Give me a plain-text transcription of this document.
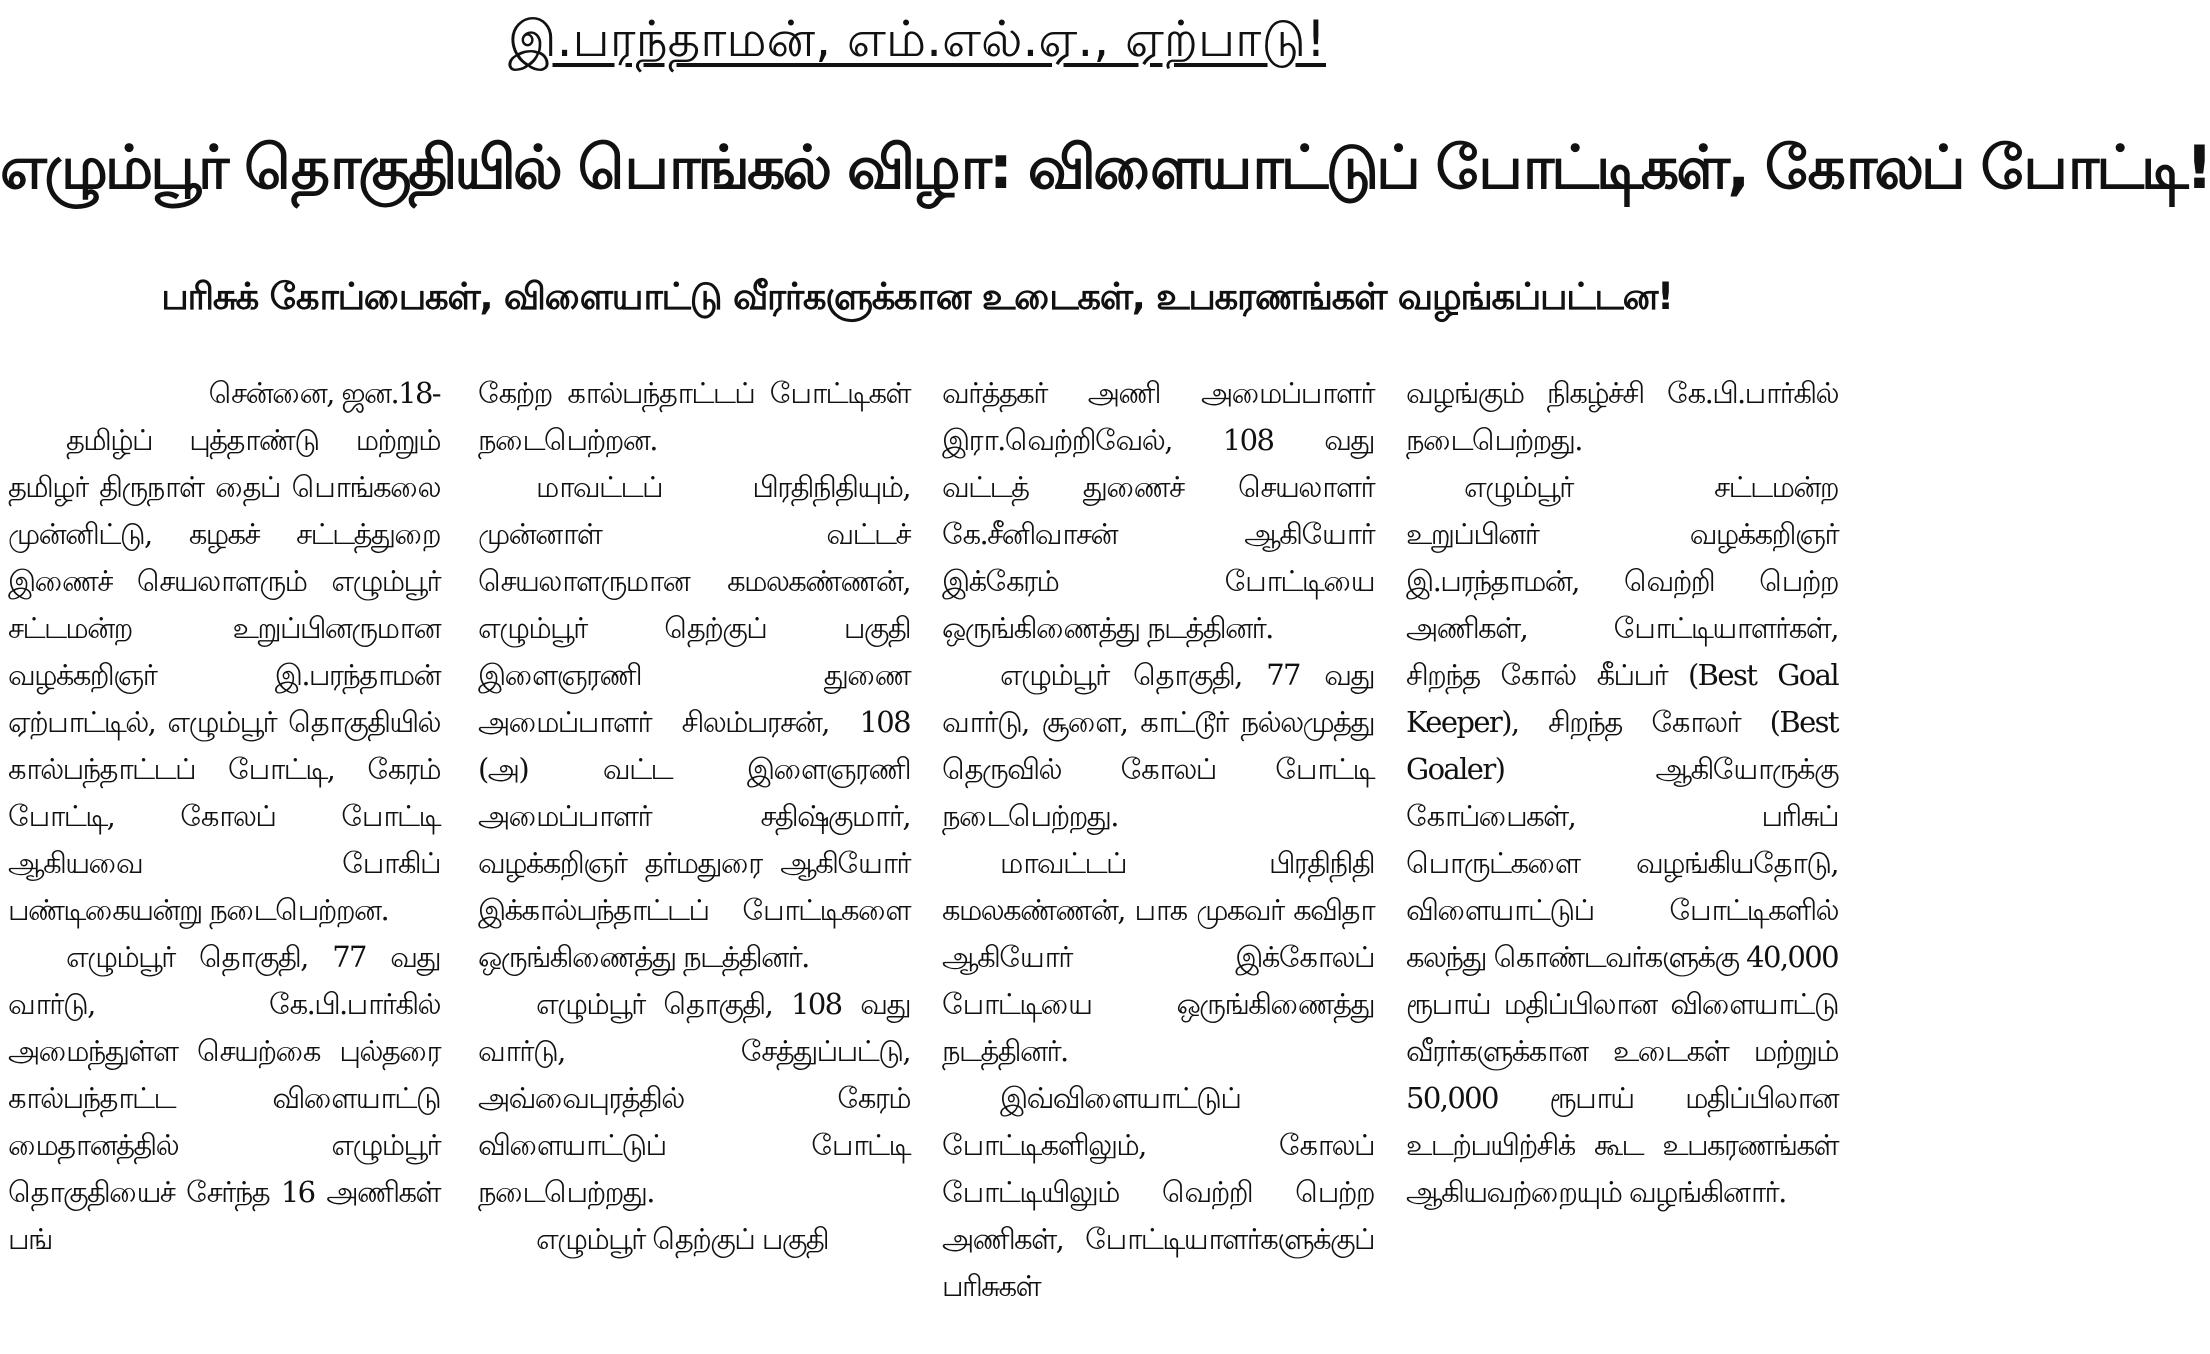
இ.பரந்தாமன், எம்.எல்.ஏ., ஏற்பாடு!
எழும்பூர் தொகுதியில் பொங்கல் விழா: விளையாட்டுப் போட்டிகள், கோலப் போட்டி!
பரிசுக் கோப்பைகள், விளையாட்டு வீரர்களுக்கான உடைகள், உபகரணங்கள் வழங்கப்பட்டன!

சென்னை, ஜன.18-

தமிழ்ப் புத்தாண்டு மற்றும் தமிழர் திருநாள் தைப் பொங்கலை முன்னிட்டு, கழகச் சட்டத்துறை இணைச் செயலாளரும் எழும்பூர் சட்டமன்ற உறுப்பினருமான வழக்கறிஞர் இ.பரந்தாமன் ஏற்பாட்டில், எழும்பூர் தொகுதியில் கால்பந்தாட்டப் போட்டி, கேரம் போட்டி, கோலப் போட்டி ஆகியவை போகிப் பண்டிகையன்று நடைபெற்றன.

எழும்பூர் தொகுதி, 77 வது வார்டு, கே.பி.பார்கில் அமைந்துள்ள செயற்கை புல்தரை கால்பந்தாட்ட விளையாட்டு மைதானத்தில் எழும்பூர் தொகுதியைச் சேர்ந்த 16 அணிகள் பங்

கேற்ற கால்பந்தாட்டப் போட்டிகள் நடைபெற்றன.

மாவட்டப் பிரதிநிதியும், முன்னாள் வட்டச் செயலாளருமான கமலகண்ணன், எழும்பூர் தெற்குப் பகுதி இளைஞரணி துணை அமைப்பாளர் சிலம்பரசன், 108 (அ) வட்ட இளைஞரணி அமைப்பாளர் சதிஷ்குமார், வழக்கறிஞர் தர்மதுரை ஆகியோர் இக்கால்பந்தாட்டப் போட்டிகளை ஒருங்கிணைத்து நடத்தினர்.

எழும்பூர் தொகுதி, 108 வது வார்டு, சேத்துப்பட்டு, அவ்வைபுரத்தில் கேரம் விளையாட்டுப் போட்டி நடைபெற்றது.

எழும்பூர் தெற்குப் பகுதி

வர்த்தகர் அணி அமைப்பாளர் இரா.வெற்றிவேல், 108 வது வட்டத் துணைச் செயலாளர் கே.சீனிவாசன் ஆகியோர் இக்கேரம் போட்டியை ஒருங்கிணைத்து நடத்தினர்.

எழும்பூர் தொகுதி, 77 வது வார்டு, சூளை, காட்டூர் நல்லமுத்து தெருவில் கோலப் போட்டி நடைபெற்றது.

மாவட்டப் பிரதிநிதி கமலகண்ணன், பாக முகவர் கவிதா ஆகியோர் இக்கோலப் போட்டியை ஒருங்கிணைத்து நடத்தினர்.

இவ்விளையாட்டுப் போட்டிகளிலும், கோலப் போட்டியிலும் வெற்றி பெற்ற அணிகள், போட்டியாளர்களுக்குப் பரிசுகள்

வழங்கும் நிகழ்ச்சி கே.பி.பார்கில் நடைபெற்றது.

எழும்பூர் சட்டமன்ற உறுப்பினர் வழக்கறிஞர் இ.பரந்தாமன், வெற்றி பெற்ற அணிகள், போட்டியாளர்கள், சிறந்த கோல் கீப்பர் (Best Goal Keeper), சிறந்த கோலர் (Best Goaler) ஆகியோருக்கு கோப்பைகள், பரிசுப் பொருட்களை வழங்கியதோடு, விளையாட்டுப் போட்டிகளில் கலந்து கொண்டவர்களுக்கு 40,000 ரூபாய் மதிப்பிலான விளையாட்டு வீரர்களுக்கான உடைகள் மற்றும் 50,000 ரூபாய் மதிப்பிலான உடற்பயிற்சிக் கூட உபகரணங்கள் ஆகியவற்றையும் வழங்கினார்.
